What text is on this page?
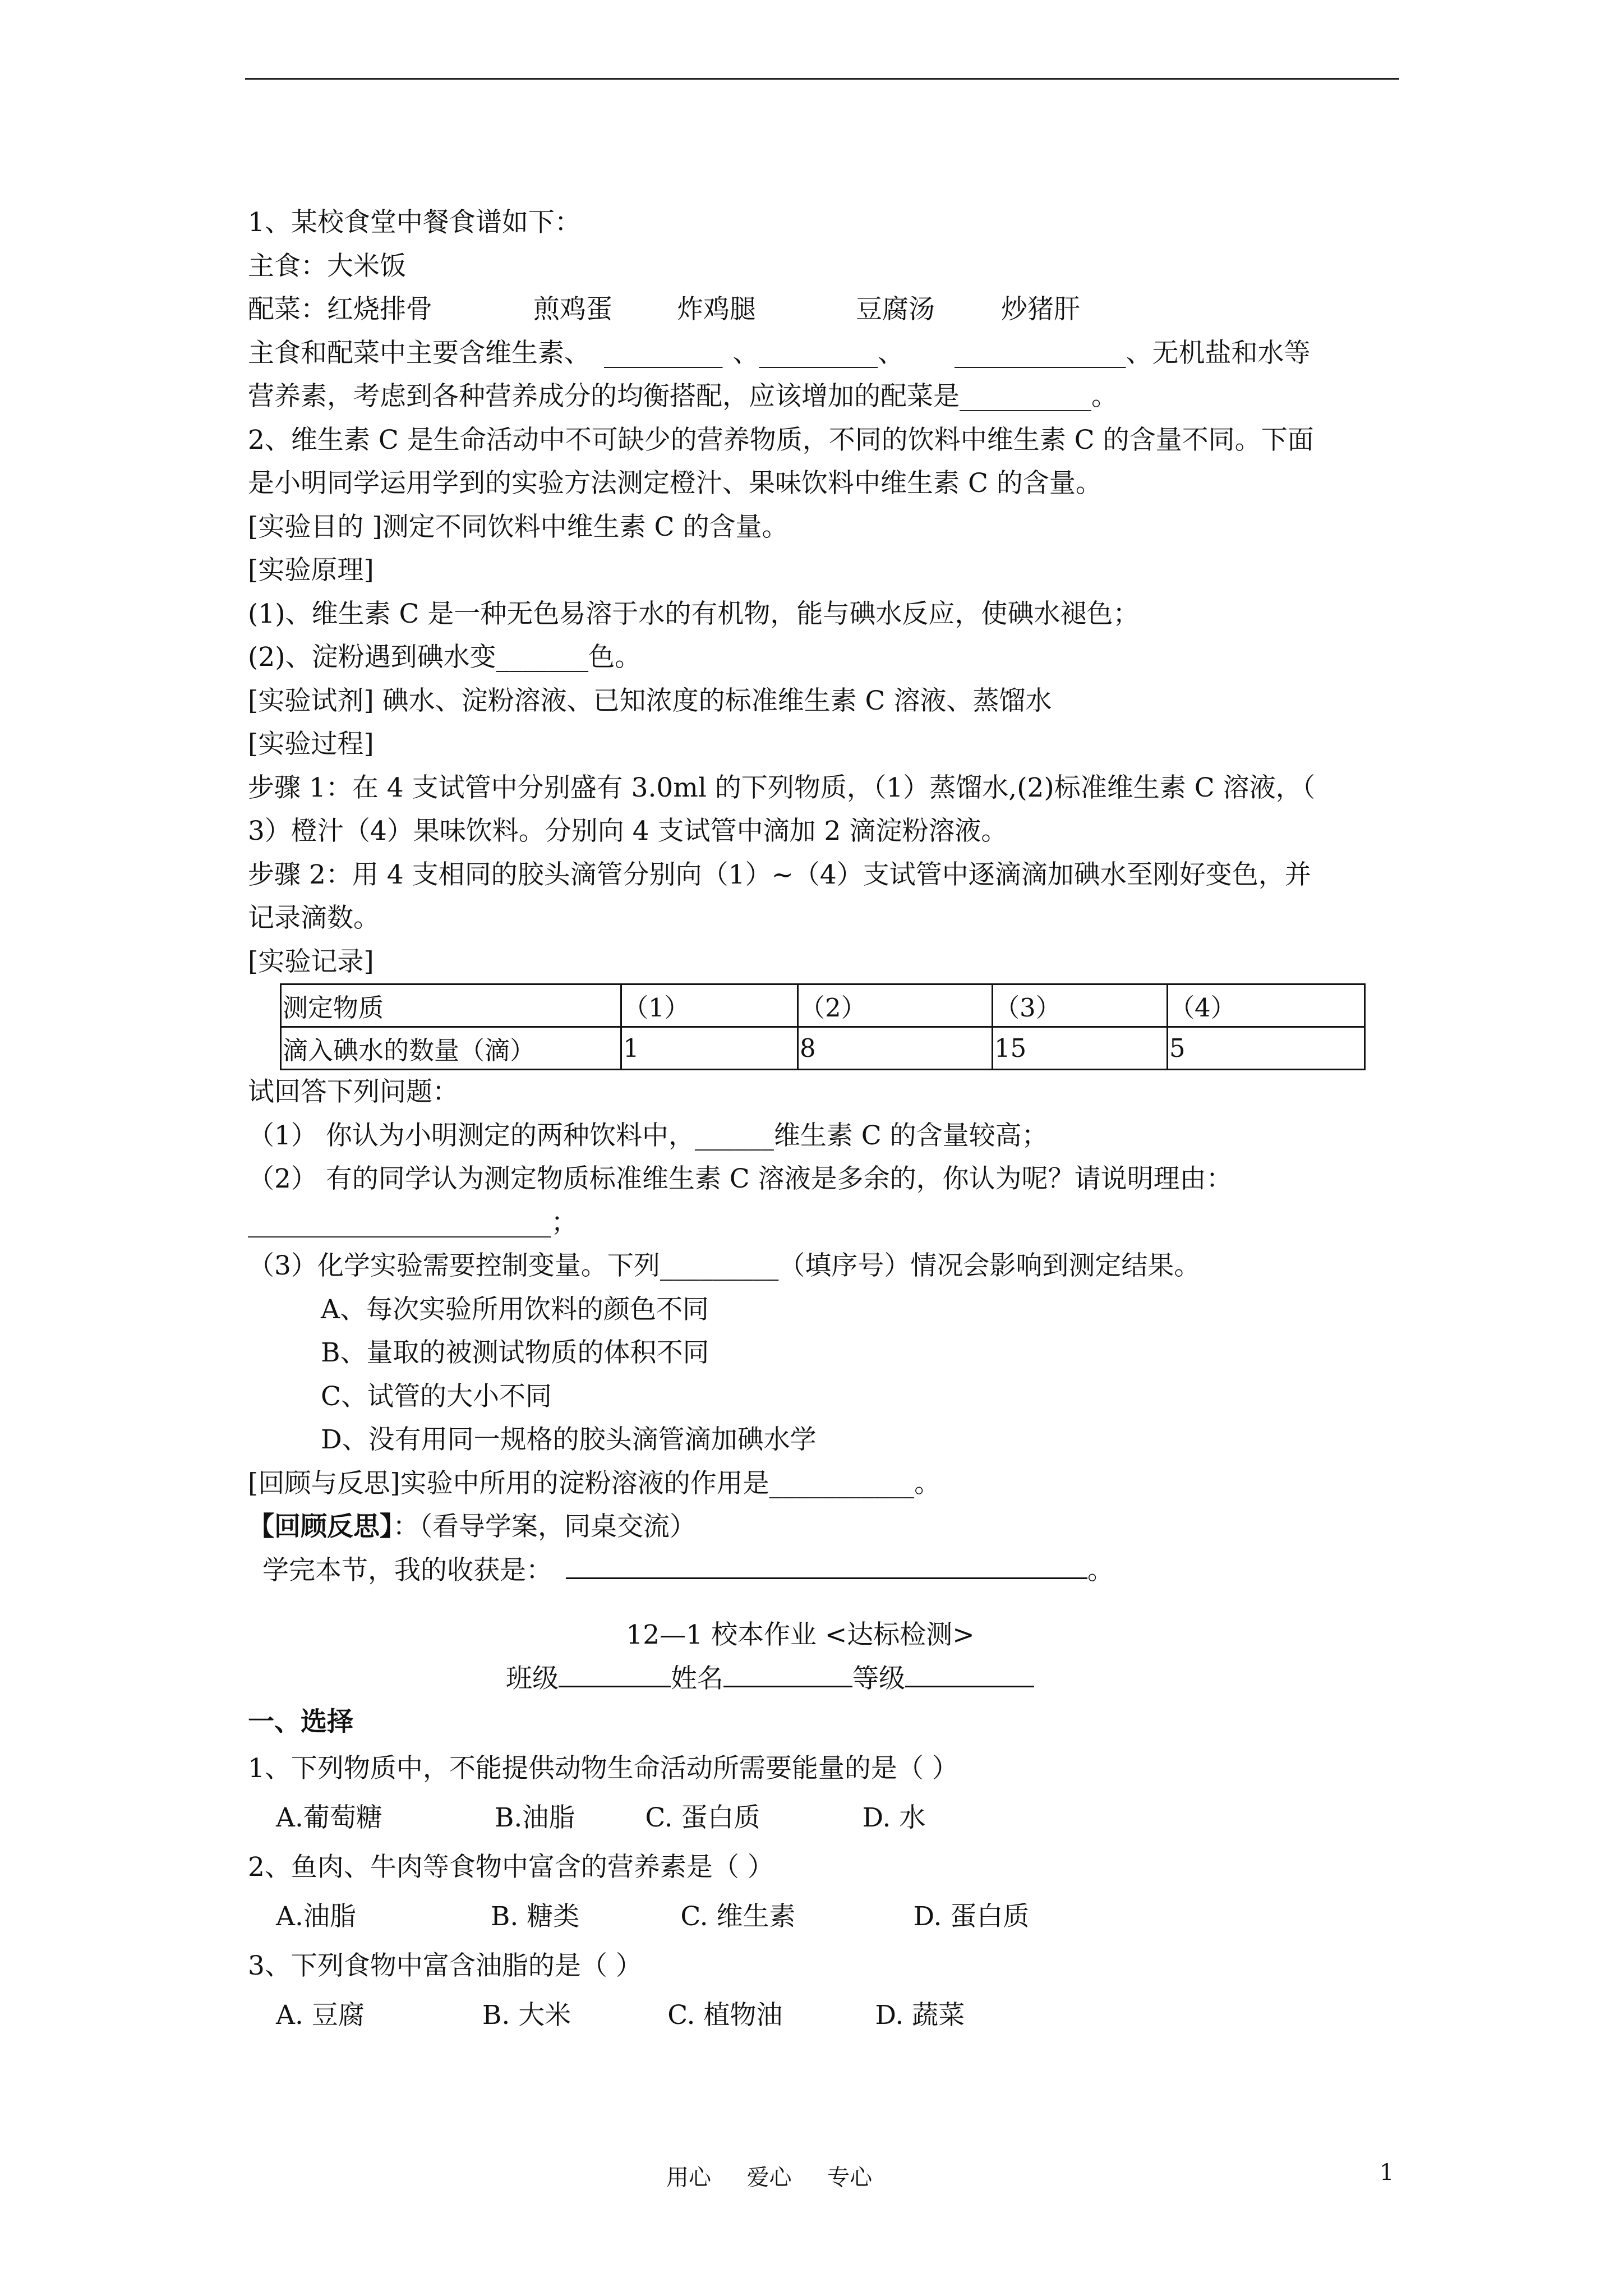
1、某校食堂中餐食谱如下：
主食：大米饭
配菜：红烧排骨	煎鸡蛋 炸鸡腿	豆腐汤	炒猪肝
主食和配菜中主要含维生素、 _________ 、_________、 _____________、无机盐和水等
营养素，考虑到各种营养成分的均衡搭配，应该增加的配菜是__________。
2、维生素 C 是生命活动中不可缺少的营养物质，不同的饮料中维生素 C 的含量不同。下面
是小明同学运用学到的实验方法测定橙汁、果味饮料中维生素 C 的含量。
[实验目的 ]测定不同饮料中维生素 C 的含量。
[实验原理]
(1)、维生素 C 是一种无色易溶于水的有机物，能与碘水反应，使碘水褪色；
(2)、淀粉遇到碘水变_______色。
[实验试剂] 碘水、淀粉溶液、已知浓度的标准维生素 C 溶液、蒸馏水
[实验过程]
步骤 1：在 4 支试管中分别盛有 3.0ml 的下列物质，（1）蒸馏水,(2)标准维生素 C 溶液，（
3）橙汁（4）果味饮料。分别向 4 支试管中滴加 2 滴淀粉溶液。
步骤 2：用 4 支相同的胶头滴管分别向（1）~（4）支试管中逐滴滴加碘水至刚好变色，并
记录滴数。
[实验记录]
测定物质	（1）	（2）	（3）	（4）
滴入碘水的数量（滴）	1	8	15	5
试回答下列问题：
（1） 你认为小明测定的两种饮料中，______维生素 C 的含量较高；
（2） 有的同学认为测定物质标准维生素 C 溶液是多余的，你认为呢？请说明理由：
_______________________；
（3）化学实验需要控制变量。下列_________（填序号）情况会影响到测定结果。
A、每次实验所用饮料的颜色不同
B、量取的被测试物质的体积不同
C、试管的大小不同
D、没有用同一规格的胶头滴管滴加碘水学
[回顾与反思]实验中所用的淀粉溶液的作用是___________。
【回顾反思】：（看导学案，同桌交流）
学完本节，我的收获是：	。
12—1 校本作业 <达标检测>
班级	姓名	等级
一、选择
1、下列物质中，不能提供动物生命活动所需要能量的是（ ）
A.葡萄糖	B.油脂	C. 蛋白质	D. 水
2、鱼肉、牛肉等食物中富含的营养素是（ ）
A.油脂	B. 糖类	C. 维生素	D. 蛋白质
3、下列食物中富含油脂的是（ ）
A. 豆腐	B. 大米	C. 植物油	D. 蔬菜
用心     爱心     专心	1
